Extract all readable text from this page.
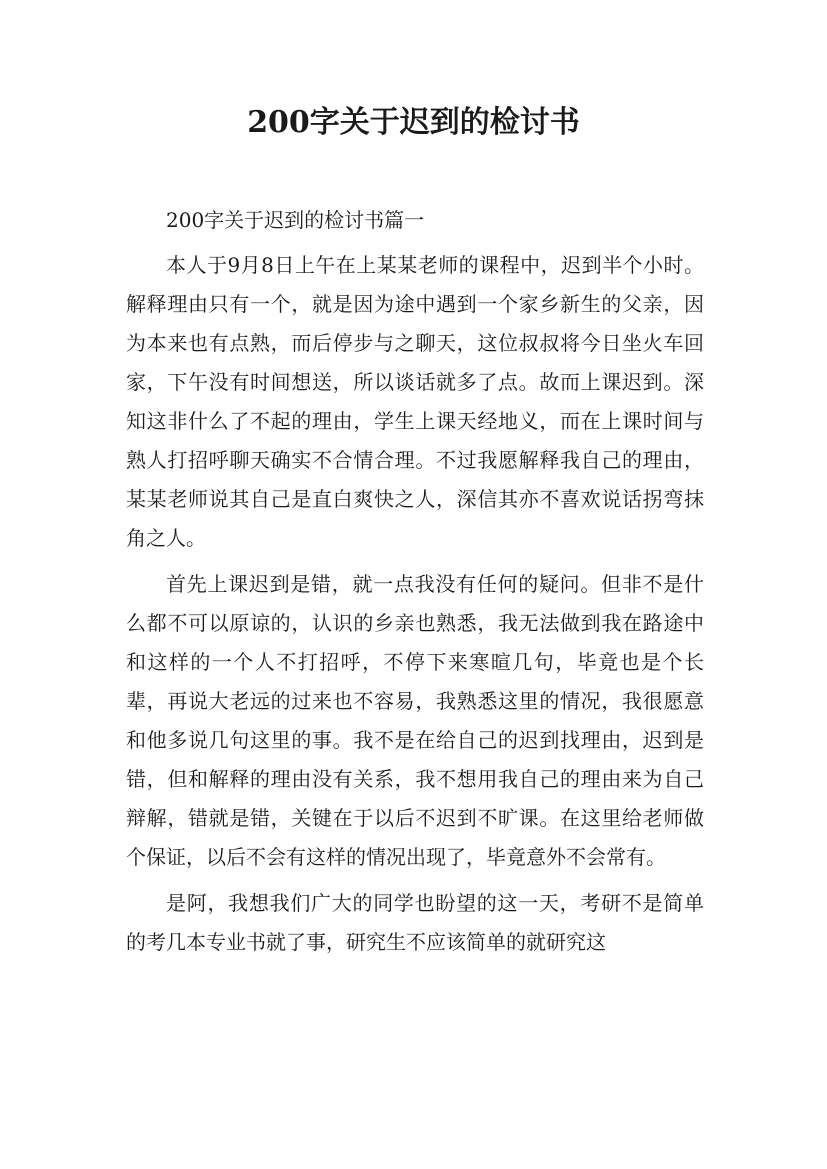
200字关于迟到的检讨书

200字关于迟到的检讨书篇一

本人于9月8日上午在上某某老师的课程中，迟到半个小时。解释理由只有一个，就是因为途中遇到一个家乡新生的父亲，因为本来也有点熟，而后停步与之聊天，这位叔叔将今日坐火车回家，下午没有时间想送，所以谈话就多了点。故而上课迟到。深知这非什么了不起的理由，学生上课天经地义，而在上课时间与熟人打招呼聊天确实不合情合理。不过我愿解释我自己的理由，某某老师说其自己是直白爽快之人，深信其亦不喜欢说话拐弯抹角之人。

首先上课迟到是错，就一点我没有任何的疑问。但非不是什么都不可以原谅的，认识的乡亲也熟悉，我无法做到我在路途中和这样的一个人不打招呼，不停下来寒暄几句，毕竟也是个长辈，再说大老远的过来也不容易，我熟悉这里的情况，我很愿意和他多说几句这里的事。我不是在给自己的迟到找理由，迟到是错，但和解释的理由没有关系，我不想用我自己的理由来为自己辩解，错就是错，关键在于以后不迟到不旷课。在这里给老师做个保证，以后不会有这样的情况出现了，毕竟意外不会常有。

是阿，我想我们广大的同学也盼望的这一天，考研不是简单的考几本专业书就了事，研究生不应该简单的就研究这
